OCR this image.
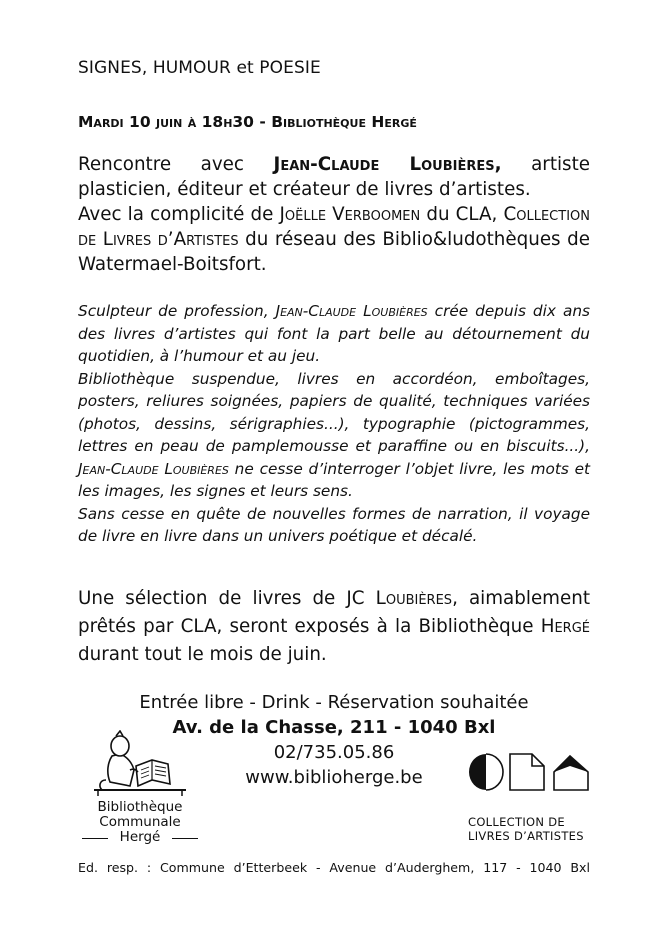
SIGNES, HUMOUR et POESIE
Mardi 10 juin à 18h30 - Bibliothèque Hergé

Rencontre avec Jean-Claude Loubières, artiste plasticien, éditeur et créateur de livres d’artistes.

Avec la complicité de Joëlle Verboomen du CLA, Collection de Livres d’Artistes du réseau des Biblio&ludothèques de Watermael-Boitsfort.

Sculpteur de profession, Jean-Claude Loubières crée depuis dix ans des livres d’artistes qui font la part belle au détournement du quotidien, à l’humour et au jeu.

Bibliothèque suspendue, livres en accordéon, emboîtages, posters, reliures soignées, papiers de qualité, techniques variées (photos, dessins, sérigraphies...), typographie (pictogrammes, lettres en peau de pamplemousse et paraffine ou en biscuits...), Jean-Claude Loubières ne cesse d’interroger l’objet livre, les mots et les images, les signes et leurs sens.

Sans cesse en quête de nouvelles formes de narration, il voyage de livre en livre dans un univers poétique et décalé.

Une sélection de livres de JC Loubières, aimablement prêtés par CLA, seront exposés à la Bibliothèque Hergé durant tout le mois de juin.

Entrée libre - Drink - Réservation souhaitée
Av. de la Chasse, 211 - 1040 Bxl
02/735.05.86
www.biblioherge.be
Bibliothèque
Communale
Hergé
COLLECTION DE
LIVRES D’ARTISTES
Ed. resp. : Commune d’Etterbeek - Avenue d’Auderghem, 117 - 1040 Bxl
